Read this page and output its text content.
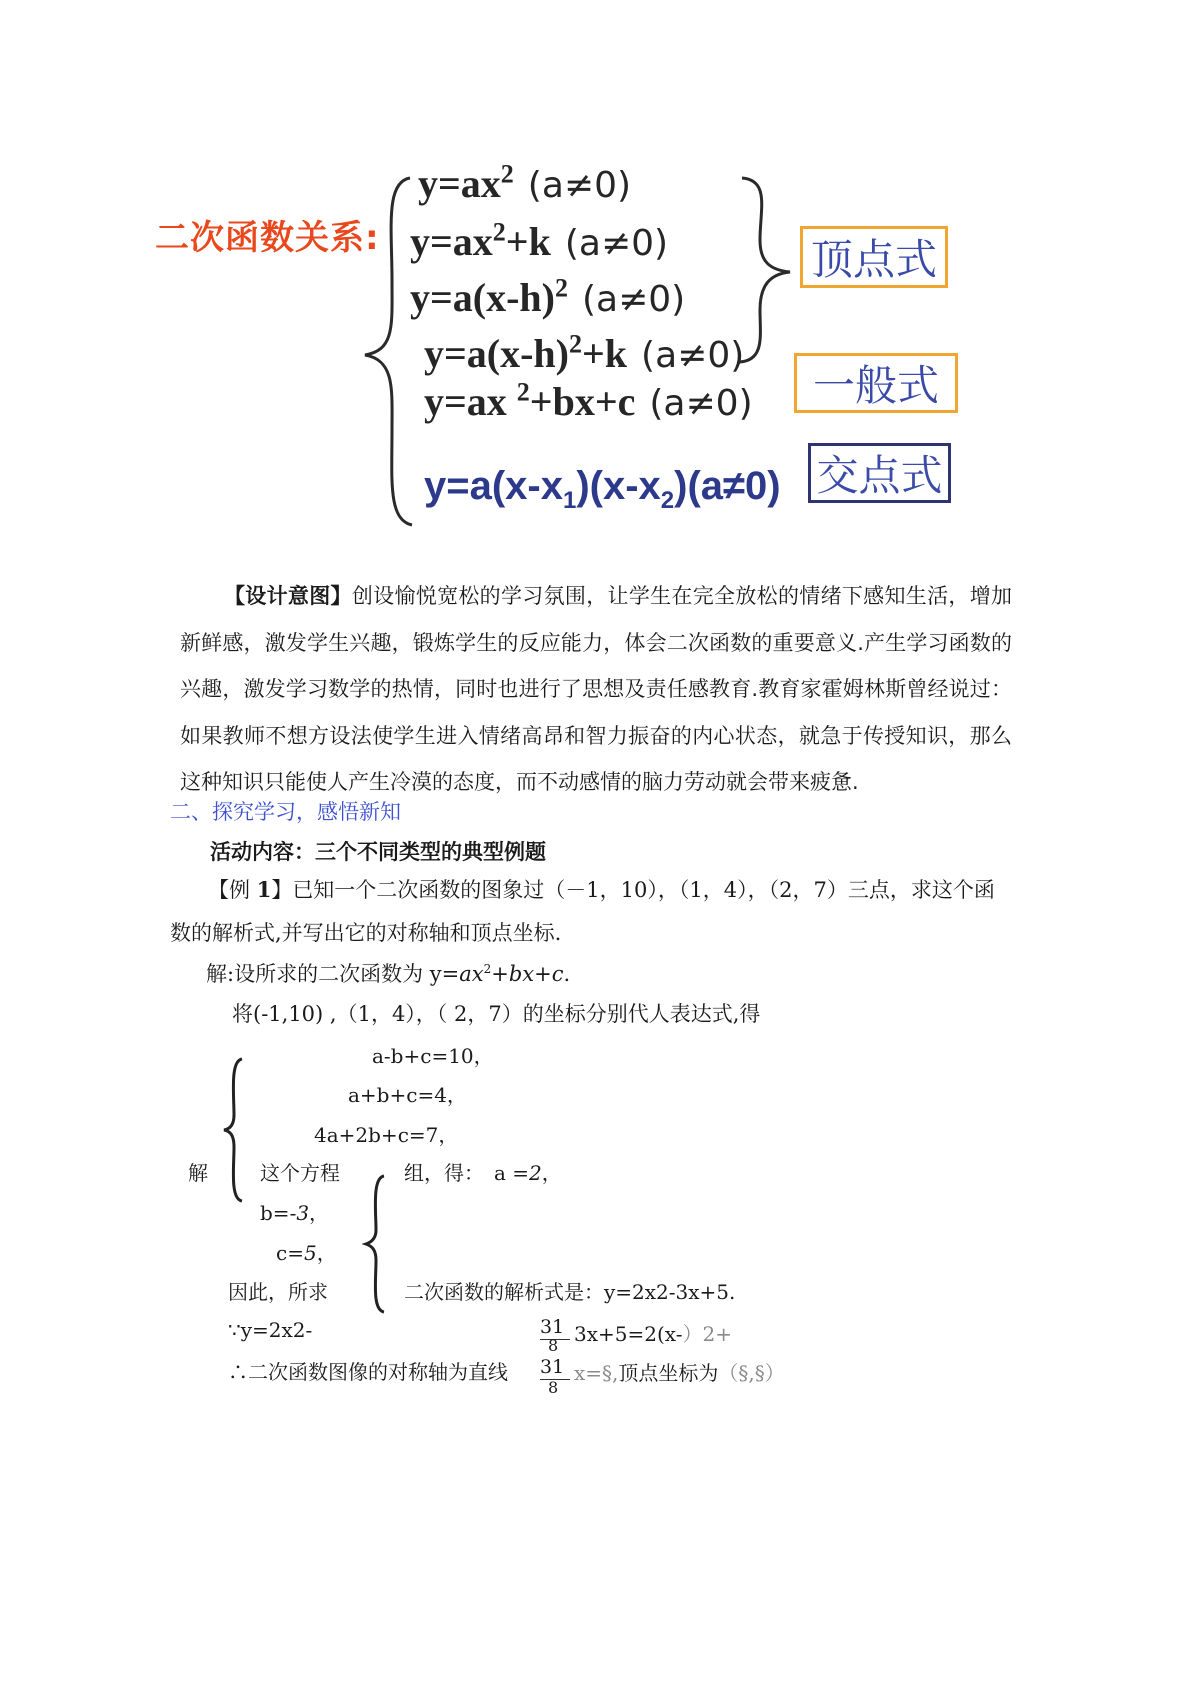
二次函数关系:
$y=ax^2$ (a≠0)
$y=ax^2+k$ (a≠0)
$y=a(x-h)^2$ (a≠0)
$y=a(x-h)^2+k$ (a≠0)
y=ax $^2$+bx+c (a≠0)
$y=a(x-x_1)(x-x_2)(a\ne 0)$
顶点式
一般式
交点式
【设计意图】创设愉悦宽松的学习氛围，让学生在完全放松的情绪下感知生活，增加新鲜感，激发学生兴趣，锻炼学生的反应能力，体会二次函数的重要意义.产生学习函数的兴趣，激发学习数学的热情，同时也进行了思想及责任感教育.教育家霍姆林斯曾经说过：如果教师不想方设法使学生进入情绪高昂和智力振奋的内心状态，就急于传授知识，那么这种知识只能使人产生冷漠的态度，而不动感情的脑力劳动就会带来疲惫.
二、探究学习，感悟新知
活动内容：三个不同类型的典型例题
【例 1】已知一个二次函数的图象过（－1，10），（1，4），（2，7）三点，求这个函
数的解析式,并写出它的对称轴和顶点坐标.
解:设所求的二次函数为 $y=ax^2+bx+c$.
将(-1,10) ,（1，4），（ 2，7）的坐标分别代人表达式,得
a-b+c=10，
a+b+c=4，
4a+2b+c=7，
解	这个方程	组，得： a =2，
b=-3，
c=5，
因此，所求	二次函数的解析式是：y=2x2-3x+5.
∵y=2x2-	31
8 3x+5=2(x-）2+
∴二次函数图像的对称轴为直线 31
8
x=§,顶点坐标为（§,§）
